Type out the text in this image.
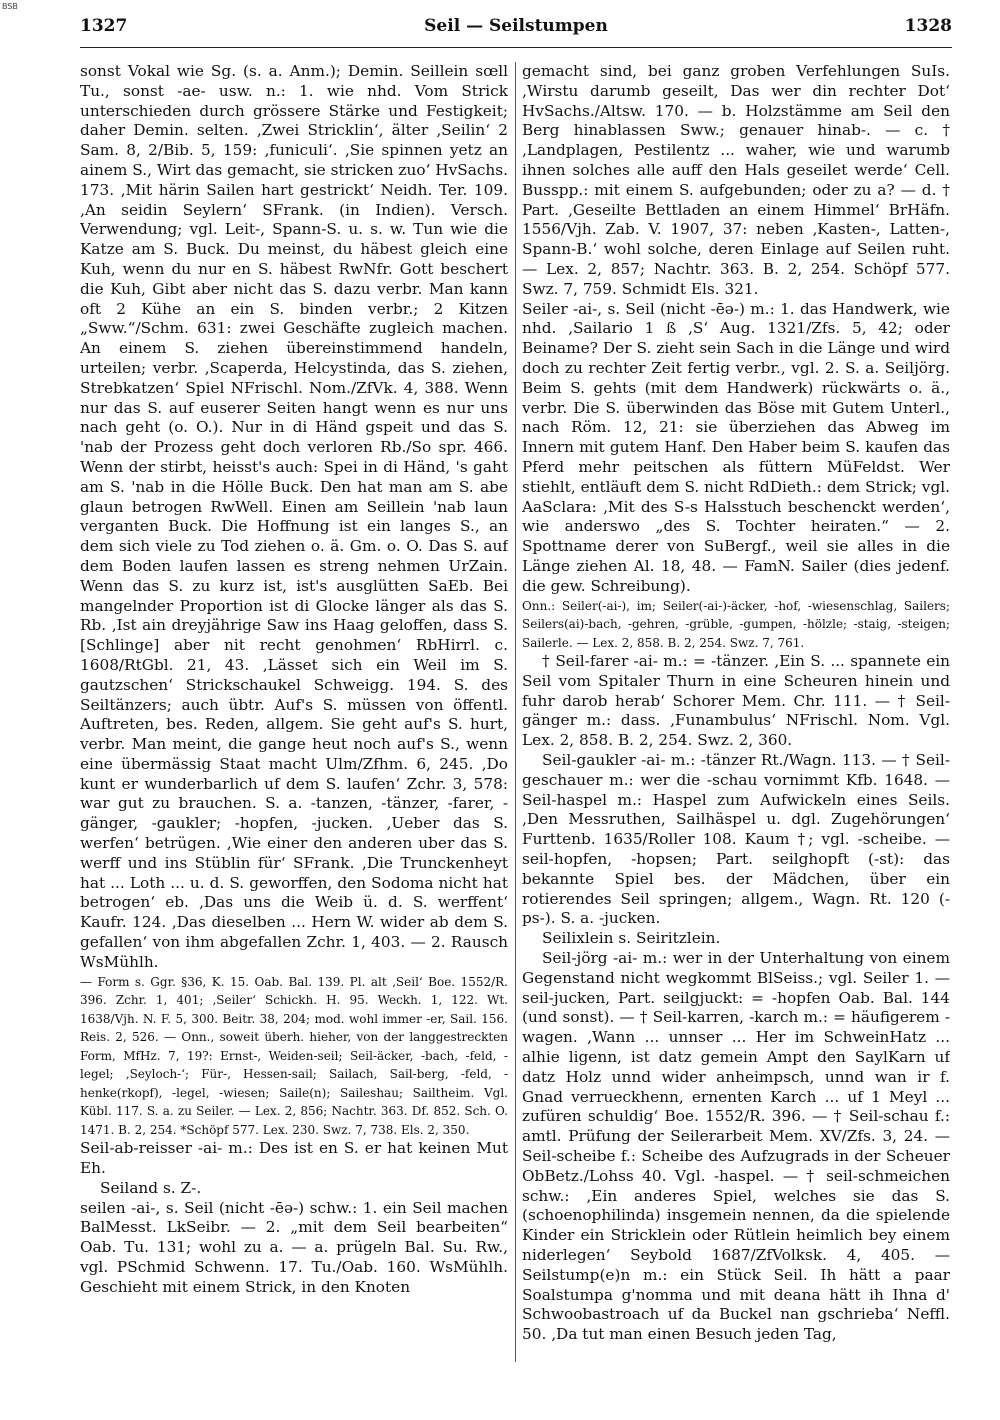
BSB
1327	Seil — Seilstumpen	1328

sonst Vokal wie Sg. (s. a. Anm.); Demin. Seillein sœll Tu., sonst -ae- usw. n.: 1. wie nhd. Vom Strick unterschieden durch grössere Stärke und Festigkeit; daher Demin. selten. ‚Zwei Stricklin‘, älter ‚Seilin‘ 2 Sam. 8, 2/Bib. 5, 159: ‚funiculi‘. ‚Sie spinnen yetz an ainem S., Wirt das gemacht, sie stricken zuo‘ HvSachs. 173. ‚Mit härin Sailen hart gestrickt‘ Neidh. Ter. 109. ‚An seidin Seylern‘ SFrank. (in Indien). Versch. Verwendung; vgl. Leit-, Spann-S. u. s. w. Tun wie die Katze am S. Buck. Du meinst, du häbest gleich eine Kuh, wenn du nur en S. häbest RwNfr. Gott beschert die Kuh, Gibt aber nicht das S. dazu verbr. Man kann oft 2 Kühe an ein S. binden verbr.; 2 Kitzen „Sww.“/Schm. 631: zwei Geschäfte zugleich machen. An einem S. ziehen übereinstimmend handeln, urteilen; verbr. ‚Scaperda, Helcystinda, das S. ziehen, Strebkatzen‘ Spiel NFrischl. Nom./ZfVk. 4, 388. Wenn nur das S. auf euserer Seiten hangt wenn es nur uns nach geht (o. O.). Nur in di Händ gspeit und das S. 'nab der Prozess geht doch verloren Rb./So spr. 466. Wenn der stirbt, heisst's auch: Spei in di Händ, 's gaht am S. 'nab in die Hölle Buck. Den hat man am S. abe glaun betrogen RwWell. Einen am Seillein 'nab laun verganten Buck. Die Hoffnung ist ein langes S., an dem sich viele zu Tod ziehen o. ä. Gm. o. O. Das S. auf dem Boden laufen lassen es streng nehmen UrZain. Wenn das S. zu kurz ist, ist's ausglütten SaEb. Bei mangelnder Proportion ist di Glocke länger als das S. Rb. ‚Ist ain dreyjährige Saw ins Haag geloffen, dass S. [Schlinge] aber nit recht genohmen‘ RbHirrl. c. 1608/RtGbl. 21, 43. ‚Lässet sich ein Weil im S. gautzschen‘ Strickschaukel Schweigg. 194. S. des Seiltänzers; auch übtr. Auf's S. müssen von öffentl. Auftreten, bes. Reden, allgem. Sie geht auf's S. hurt, verbr. Man meint, die gange heut noch auf's S., wenn eine übermässig Staat macht Ulm/Zfhm. 6, 245. ‚Do kunt er wunderbarlich uf dem S. laufen‘ Zchr. 3, 578: war gut zu brauchen. S. a. -tanzen, -tänzer, -farer, -gänger, -gaukler; -hopfen, -jucken. ‚Ueber das S. werfen‘ betrügen. ‚Wie einer den anderen uber das S. werff und ins Stüblin für‘ SFrank. ‚Die Trunckenheyt hat ... Loth ... u. d. S. geworffen, den Sodoma nicht hat betrogen‘ eb. ‚Das uns die Weib ü. d. S. werffent‘ Kaufr. 124. ‚Das dieselben ... Hern W. wider ab dem S. gefallen‘ von ihm abgefallen Zchr. 1, 403. — 2. Rausch WsMühlh.

— Form s. Ggr. §36, K. 15. Oab. Bal. 139. Pl. alt ‚Seil‘ Boe. 1552/R. 396. Zchr. 1, 401; ‚Seiler‘ Schickh. H. 95. Weckh. 1, 122. Wt. 1638/Vjh. N. F. 5, 300. Beitr. 38, 204; mod. wohl immer -er, Sail. 156. Reis. 2, 526. — Onn., soweit überh. hieher, von der langgestreckten Form, MfHz. 7, 19?: Ernst-, Weiden-seil; Seil-äcker, -bach, -feld, -legel; ‚Seyloch-‘; Für-, Hessen-sail; Sailach, Sail-berg, -feld, -henke(rkopf), -legel, -wiesen; Saile(n); Saileshau; Sailtheim. Vgl. Kübl. 117. S. a. zu Seiler. — Lex. 2, 856; Nachtr. 363. Df. 852. Sch. O. 1471. B. 2, 254. *Schöpf 577. Lex. 230. Swz. 7, 738. Els. 2, 350.

Seil-ab-reisser -ai- m.: Des ist en S. er hat keinen Mut Eh.

Seiland s. Z-.

seilen -ai-, s. Seil (nicht -ēə-) schw.: 1. ein Seil machen BalMesst. LkSeibr. — 2. „mit dem Seil bearbeiten“ Oab. Tu. 131; wohl zu a. — a. prügeln Bal. Su. Rw., vgl. PSchmid Schwenn. 17. Tu./Oab. 160. WsMühlh. Geschieht mit einem Strick, in den Knoten

gemacht sind, bei ganz groben Verfehlungen SuIs. ‚Wirstu darumb geseilt, Das wer din rechter Dot‘ HvSachs./Altsw. 170. — b. Holzstämme am Seil den Berg hinablassen Sww.; genauer hinab-. — c. † ‚Landplagen, Pestilentz ... waher, wie und warumb ihnen solches alle auff den Hals geseilet werde‘ Cell. Busspp.: mit einem S. aufgebunden; oder zu a? — d. † Part. ‚Geseilte Bettladen an einem Himmel‘ BrHäfn. 1556/Vjh. Zab. V. 1907, 37: neben ‚Kasten-, Latten-, Spann-B.‘ wohl solche, deren Einlage auf Seilen ruht. — Lex. 2, 857; Nachtr. 363. B. 2, 254. Schöpf 577. Swz. 7, 759. Schmidt Els. 321.

Seiler -ai-, s. Seil (nicht -ēə-) m.: 1. das Handwerk, wie nhd. ‚Sailario 1 ß ‚S‘ Aug. 1321/Zfs. 5, 42; oder Beiname? Der S. zieht sein Sach in die Länge und wird doch zu rechter Zeit fertig verbr., vgl. 2. S. a. Seiljörg. Beim S. gehts (mit dem Handwerk) rückwärts o. ä., verbr. Die S. überwinden das Böse mit Gutem Unterl., nach Röm. 12, 21: sie überziehen das Abweg im Innern mit gutem Hanf. Den Haber beim S. kaufen das Pferd mehr peitschen als füttern MüFeldst. Wer stiehlt, entläuft dem S. nicht RdDieth.: dem Strick; vgl. AaSclara: ‚Mit des S-s Halsstuch beschenckt werden‘, wie anderswo „des S. Tochter heiraten.“ — 2. Spottname derer von SuBergf., weil sie alles in die Länge ziehen Al. 18, 48. — FamN. Sailer (dies jedenf. die gew. Schreibung).

Onn.: Seiler(-ai-), im; Seiler(-ai-)-äcker, -hof, -wiesenschlag, Sailers; Seilers(ai)-bach, -gehren, -grüble, -gumpen, -hölzle; -staig, -steigen; Sailerle. — Lex. 2, 858. B. 2, 254. Swz. 7, 761.

† Seil-farer -ai- m.: = -tänzer. ‚Ein S. ... spannete ein Seil vom Spitaler Thurn in eine Scheuren hinein und fuhr darob herab‘ Schorer Mem. Chr. 111. — † Seil-gänger m.: dass. ‚Funambulus‘ NFrischl. Nom. Vgl. Lex. 2, 858. B. 2, 254. Swz. 2, 360.

Seil-gaukler -ai- m.: -tänzer Rt./Wagn. 113. — † Seil-geschauer m.: wer die -schau vornimmt Kfb. 1648. — Seil-haspel m.: Haspel zum Aufwickeln eines Seils. ‚Den Messruthen, Sailhäspel u. dgl. Zugehörungen‘ Furttenb. 1635/Roller 108. Kaum †; vgl. -scheibe. — seil-hopfen, -hopsen; Part. seilghopft (-st): das bekannte Spiel bes. der Mädchen, über ein rotierendes Seil springen; allgem., Wagn. Rt. 120 (-ps-). S. a. -jucken.

Seilixlein s. Seiritzlein.

Seil-jörg -ai- m.: wer in der Unterhaltung von einem Gegenstand nicht wegkommt BlSeiss.; vgl. Seiler 1. — seil-jucken, Part. seilgjuckt: = -hopfen Oab. Bal. 144 (und sonst). — † Seil-karren, -karch m.: = häufigerem -wagen. ‚Wann ... unnser ... Her im SchweinHatz ... alhie ligenn, ist datz gemein Ampt den SaylKarn uf datz Holz unnd wider anheimpsch, unnd wan ir f. Gnad verrueckhenn, ernenten Karch ... uf 1 Meyl ... zufüren schuldig‘ Boe. 1552/R. 396. — † Seil-schau f.: amtl. Prüfung der Seilerarbeit Mem. XV/Zfs. 3, 24. — Seil-scheibe f.: Scheibe des Aufzugrads in der Scheuer ObBetz./Lohss 40. Vgl. -haspel. — † seil-schmeichen schw.: ‚Ein anderes Spiel, welches sie das S. (schoenophilinda) insgemein nennen, da die spielende Kinder ein Stricklein oder Rütlein heimlich bey einem niderlegen‘ Seybold 1687/ZfVolksk. 4, 405. — Seilstump(e)n m.: ein Stück Seil. Ih hätt a paar Soalstumpa g'nomma und mit deana hätt ih Ihna d' Schwoobastroach uf da Buckel nan gschrieba‘ Neffl. 50. ‚Da tut man einen Besuch jeden Tag,
